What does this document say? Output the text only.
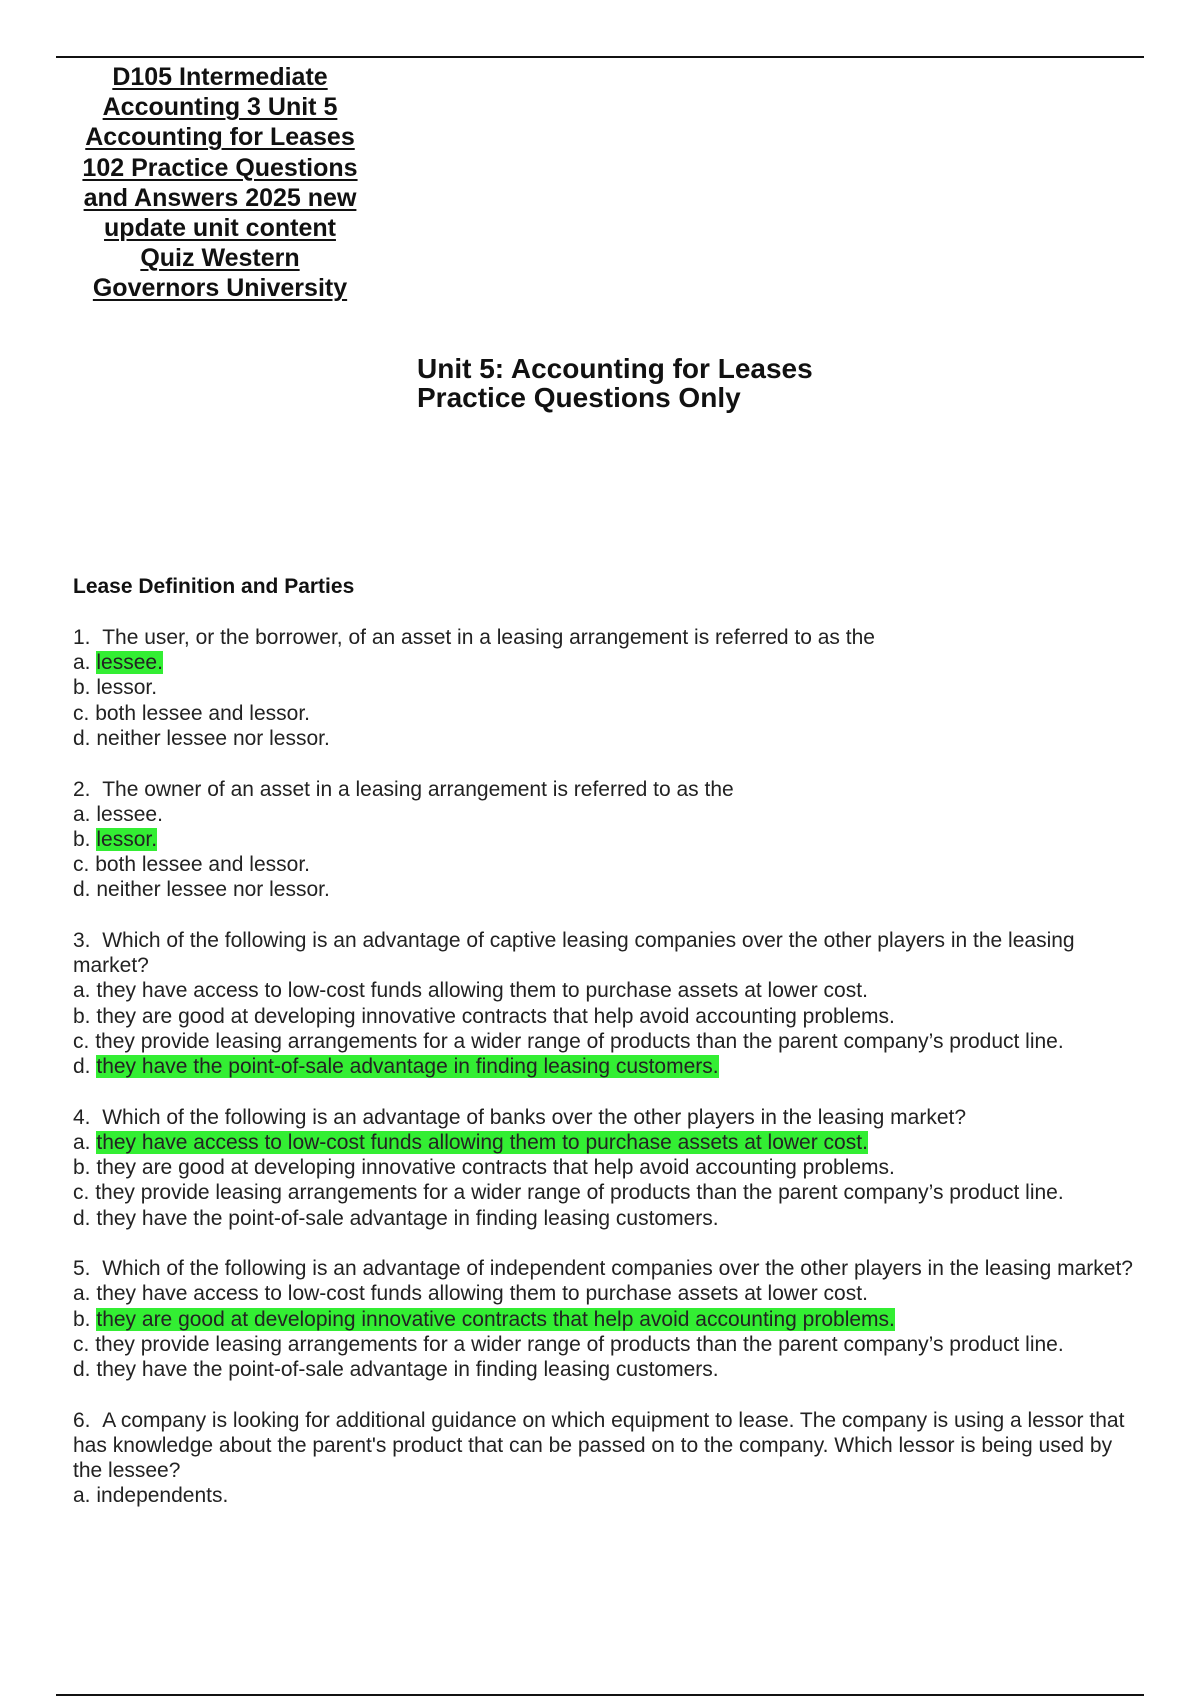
D105 Intermediate
Accounting 3 Unit 5
Accounting for Leases
102 Practice Questions
and Answers 2025 new
update unit content
Quiz Western
Governors University
Unit 5: Accounting for Leases
Practice Questions Only
Lease Definition and Parties

1. The user, or the borrower, of an asset in a leasing arrangement is referred to as the

a. lessee.

b. lessor.

c. both lessee and lessor.

d. neither lessee nor lessor.

2. The owner of an asset in a leasing arrangement is referred to as the

a. lessee.

b. lessor.

c. both lessee and lessor.

d. neither lessee nor lessor.

3. Which of the following is an advantage of captive leasing companies over the other players in the leasing market?

a. they have access to low-cost funds allowing them to purchase assets at lower cost.

b. they are good at developing innovative contracts that help avoid accounting problems.

c. they provide leasing arrangements for a wider range of products than the parent company’s product line.

d. they have the point-of-sale advantage in finding leasing customers.

4. Which of the following is an advantage of banks over the other players in the leasing market?

a. they have access to low-cost funds allowing them to purchase assets at lower cost.

b. they are good at developing innovative contracts that help avoid accounting problems.

c. they provide leasing arrangements for a wider range of products than the parent company’s product line.

d. they have the point-of-sale advantage in finding leasing customers.

5. Which of the following is an advantage of independent companies over the other players in the leasing market?

a. they have access to low-cost funds allowing them to purchase assets at lower cost.

b. they are good at developing innovative contracts that help avoid accounting problems.

c. they provide leasing arrangements for a wider range of products than the parent company’s product line.

d. they have the point-of-sale advantage in finding leasing customers.

6. A company is looking for additional guidance on which equipment to lease. The company is using a lessor that has knowledge about the parent's product that can be passed on to the company. Which lessor is being used by the lessee?

a. independents.
